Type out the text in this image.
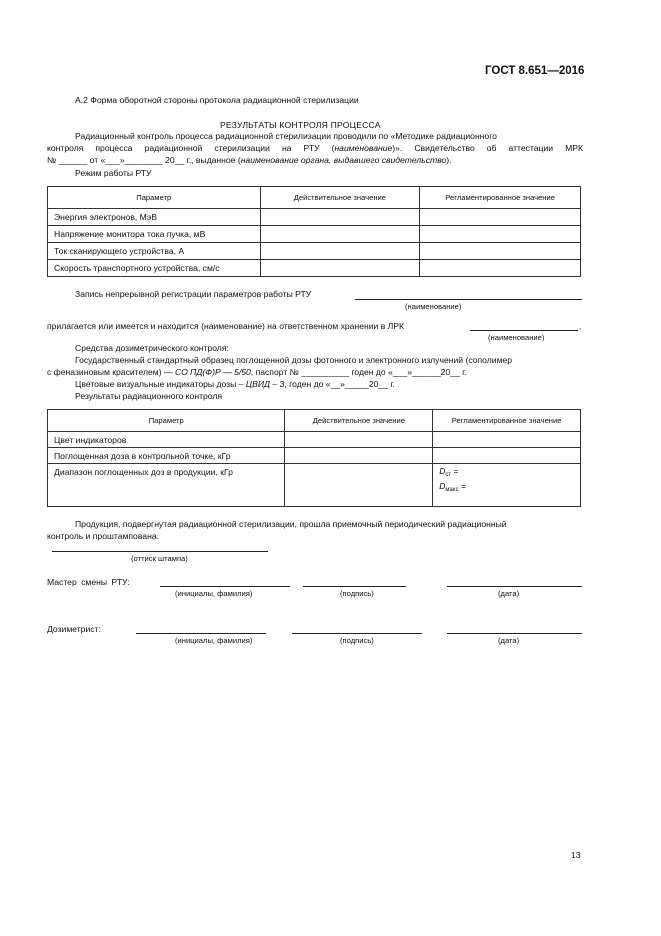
ГОСТ 8.651—2016
А.2 Форма оборотной стороны протокола радиационной стерилизации
РЕЗУЛЬТАТЫ КОНТРОЛЯ ПРОЦЕССА
Радиационный контроль процесса радиационной стерилизации проводили по «Методике радиационного
контроля процесса радиационной стерилизации на РТУ (наименование)». Свидетельство об аттестации МРК
№ ______ от «___»________ 20__ г., выданное (наименование органа, выдавшего свидетельство).
Режим работы РТУ
Параметр	Действительное значение	Регламентированное значение
Энергия электронов, МэВ		
Напряжение монитора тока пучка, мВ		
Ток сканирующего устройства, А		
Скорость транспортного устройства, см/с		
Запись непрерывной регистрации параметров работы РТУ
(наименование)
прилагается или имеется и находится (наименование) на ответственном хранении в ЛРК	.
(наименование)
Средства дозиметрического контроля:
Государственный стандартный образец поглощенной дозы фотонного и электронного излучений (сополимер
с феназиновым красителем) — СО ПД(Ф)Р — 5/50, паспорт № __________ годен до «___»______20__ г.
Цветовые визуальные индикаторы дозы – ЦВИД – 3, годен до «__»_____20__ г.
Результаты радиационного контроля
Параметр	Действительное значение	Регламентированное значение
Цвет индикаторов		
Поглощенная доза в контрольной точке, кГр		
Диапазон поглощенных доз в продукции, кГр		$D_{ст}$ =
$D_{макс}$ =
Продукция, подвергнутая радиационной стерилизации, прошла приемочный периодический радиационный
контроль и проштампована.
(оттиск штампа)
Мастер смены РТУ:
(инициалы, фамилия)	(подпись)	(дата)
Дозиметрист:
(инициалы, фамилия)	(подпись)	(дата)
13
